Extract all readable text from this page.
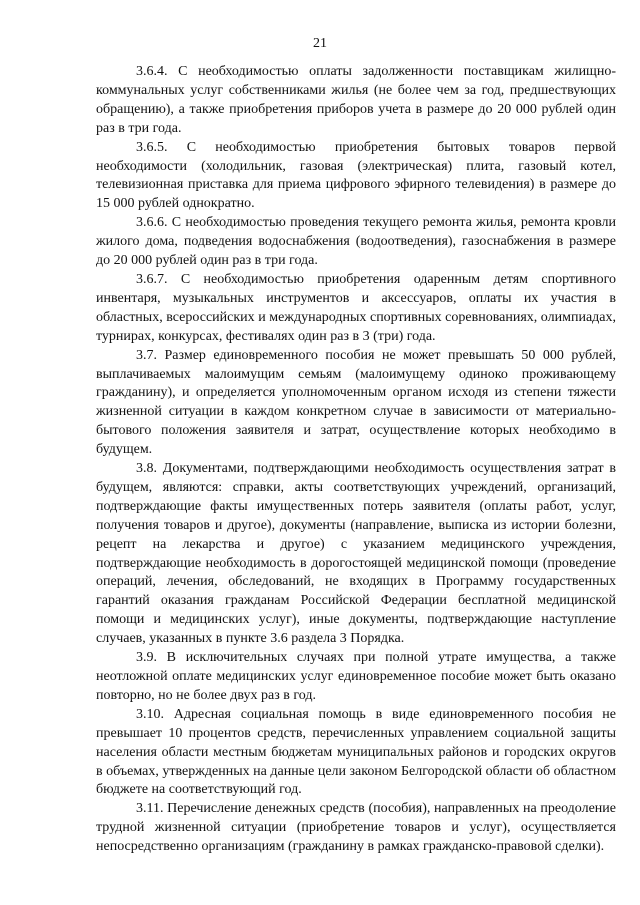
21

3.6.4. С необходимостью оплаты задолженности поставщикам жилищно-коммунальных услуг собственниками жилья (не более чем за год, предшествующих обращению), а также приобретения приборов учета в размере до 20 000 рублей один раз в три года.

3.6.5. С необходимостью приобретения бытовых товаров первой необходимости (холодильник, газовая (электрическая) плита, газовый котел, телевизионная приставка для приема цифрового эфирного телевидения) в размере до 15 000 рублей однократно.

3.6.6. С необходимостью проведения текущего ремонта жилья, ремонта кровли жилого дома, подведения водоснабжения (водоотведения), газоснабжения в размере до 20 000 рублей один раз в три года.

3.6.7. С необходимостью приобретения одаренным детям спортивного инвентаря, музыкальных инструментов и аксессуаров, оплаты их участия в областных, всероссийских и международных спортивных соревнованиях, олимпиадах, турнирах, конкурсах, фестивалях один раз в 3 (три) года.

3.7. Размер единовременного пособия не может превышать 50 000 рублей, выплачиваемых малоимущим семьям (малоимущему одиноко проживающему гражданину), и определяется уполномоченным органом исходя из степени тяжести жизненной ситуации в каждом конкретном случае в зависимости от материально-бытового положения заявителя и затрат, осуществление которых необходимо в будущем.

3.8. Документами, подтверждающими необходимость осуществления затрат в будущем, являются: справки, акты соответствующих учреждений, организаций, подтверждающие факты имущественных потерь заявителя (оплаты работ, услуг, получения товаров и другое), документы (направление, выписка из истории болезни, рецепт на лекарства и другое) с указанием медицинского учреждения, подтверждающие необходимость в дорогостоящей медицинской помощи (проведение операций, лечения, обследований, не входящих в Программу государственных гарантий оказания гражданам Российской Федерации бесплатной медицинской помощи и медицинских услуг), иные документы, подтверждающие наступление случаев, указанных в пункте 3.6 раздела 3 Порядка.

3.9. В исключительных случаях при полной утрате имущества, а также неотложной оплате медицинских услуг единовременное пособие может быть оказано повторно, но не более двух раз в год.

3.10. Адресная социальная помощь в виде единовременного пособия не превышает 10 процентов средств, перечисленных управлением социальной защиты населения области местным бюджетам муниципальных районов и городских округов в объемах, утвержденных на данные цели законом Белгородской области об областном бюджете на соответствующий год.

3.11. Перечисление денежных средств (пособия), направленных на преодоление трудной жизненной ситуации (приобретение товаров и услуг), осуществляется непосредственно организациям (гражданину в рамках гражданско-правовой сделки).
